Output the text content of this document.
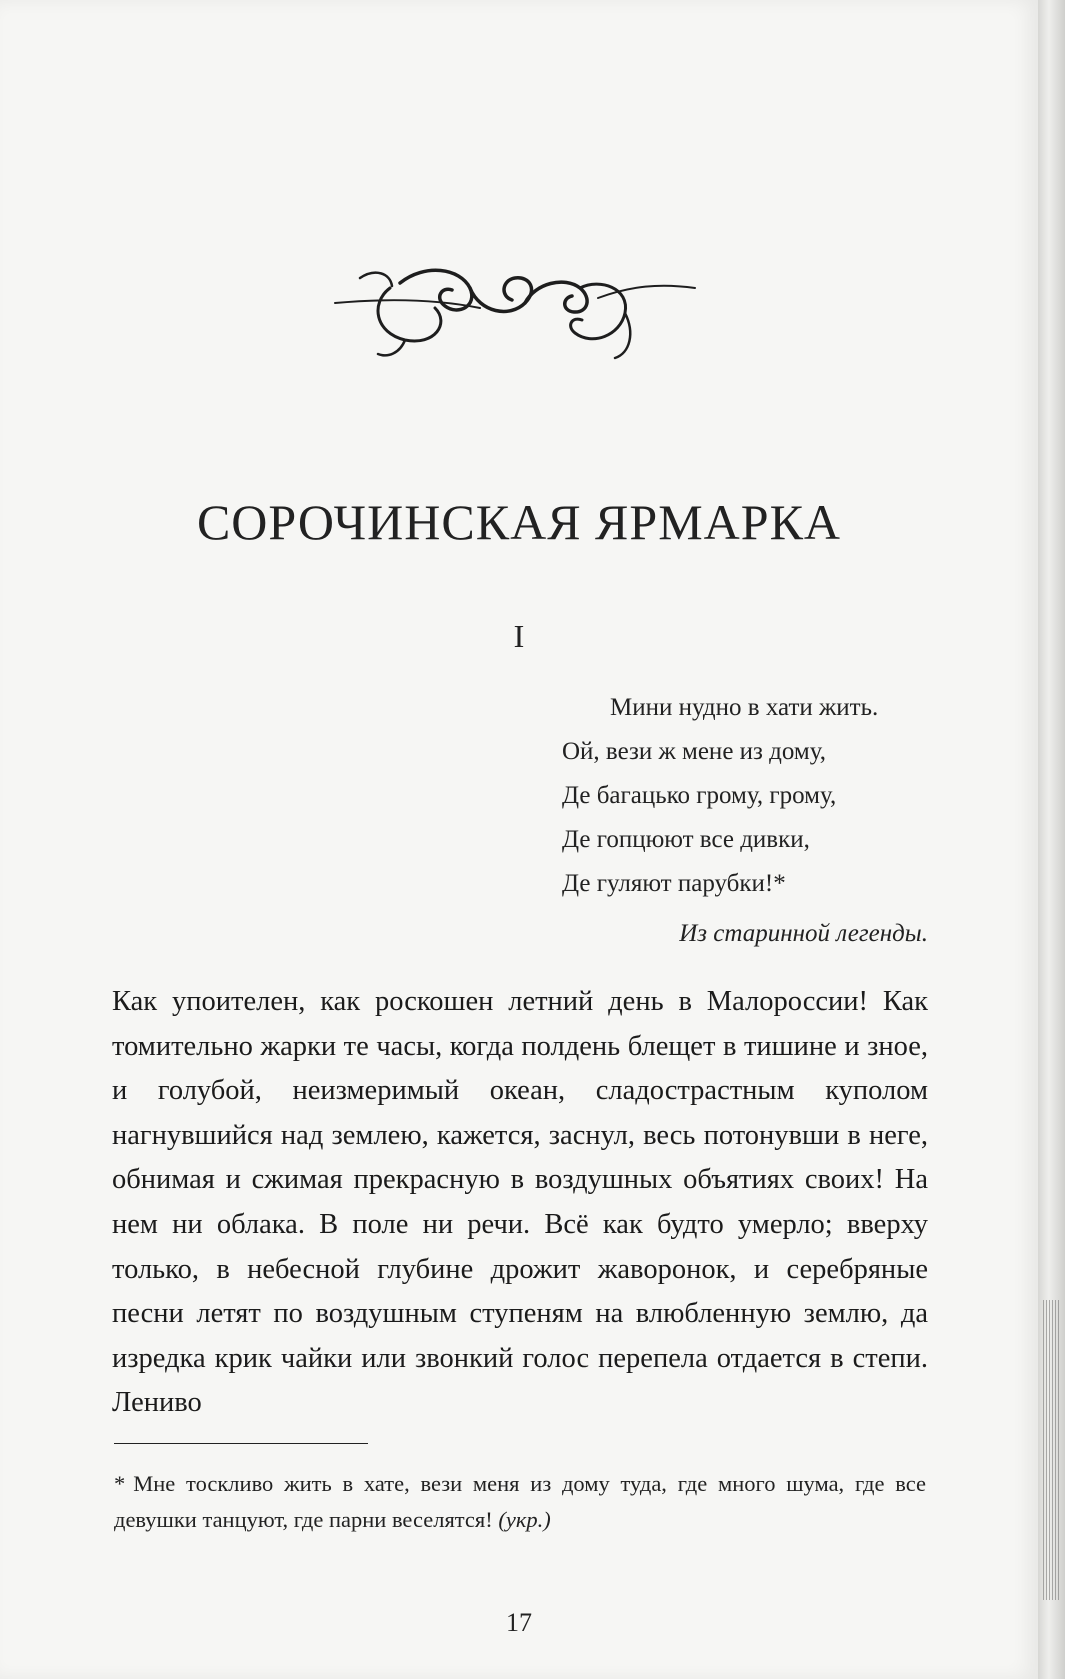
СОРОЧИНСКАЯ ЯРМАРКА
I
Мини нудно в хати жить.
Ой, вези ж мене из дому,
Де багацько грому, грому,
Де гопцюют все дивки,
Де гуляют парубки!*
Из старинной легенды.

Как упоителен, как роскошен летний день в Малороссии! Как томительно жарки те часы, когда полдень блещет в тишине и зное, и голубой, неизмеримый океан, сладострастным куполом нагнувшийся над землею, кажется, заснул, весь потонувши в неге, обнимая и сжимая прекрасную в воздушных объятиях своих! На нем ни облака. В поле ни речи. Всё как будто умерло; вверху только, в небесной глубине дрожит жаворонок, и серебряные песни летят по воздушным ступеням на влюбленную землю, да изредка крик чайки или звонкий голос перепела отдается в степи. Лениво

* Мне тоскливо жить в хате, вези меня из дому туда, где много шума, где все девушки танцуют, где парни веселятся! (укр.)

17
